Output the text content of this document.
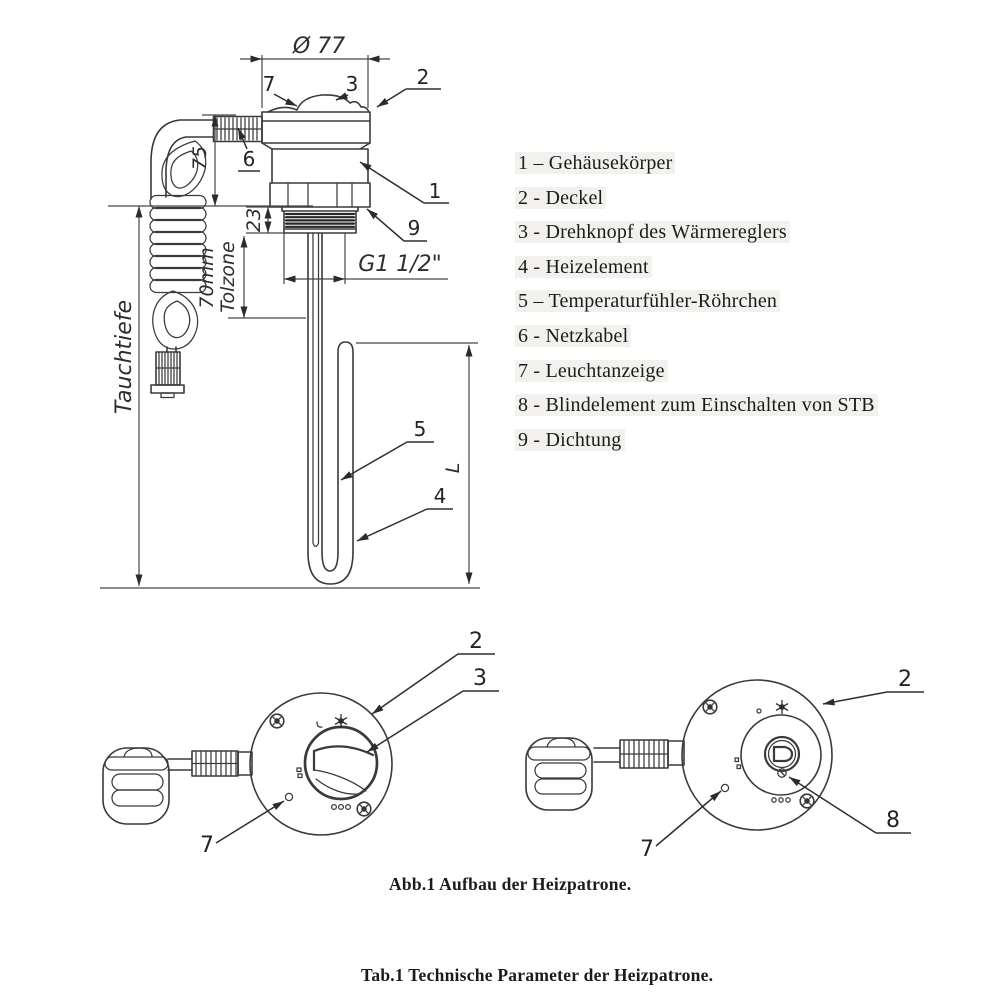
Ø 77
75
23
70mm Tolzone
Tauchtiefe
G1 1/2"
L
7	3	2
6
1
9
5
4
2
3
7
2
8
7
1 – Gehäusekörper
2 - Deckel
3 - Drehknopf des Wärmereglers
4 - Heizelement
5 – Temperaturfühler-Röhrchen
6 - Netzkabel
7 - Leuchtanzeige
8 - Blindelement zum Einschalten von STB
9 - Dichtung
Abb.1 Aufbau der Heizpatrone.
Tab.1 Technische Parameter der Heizpatrone.
